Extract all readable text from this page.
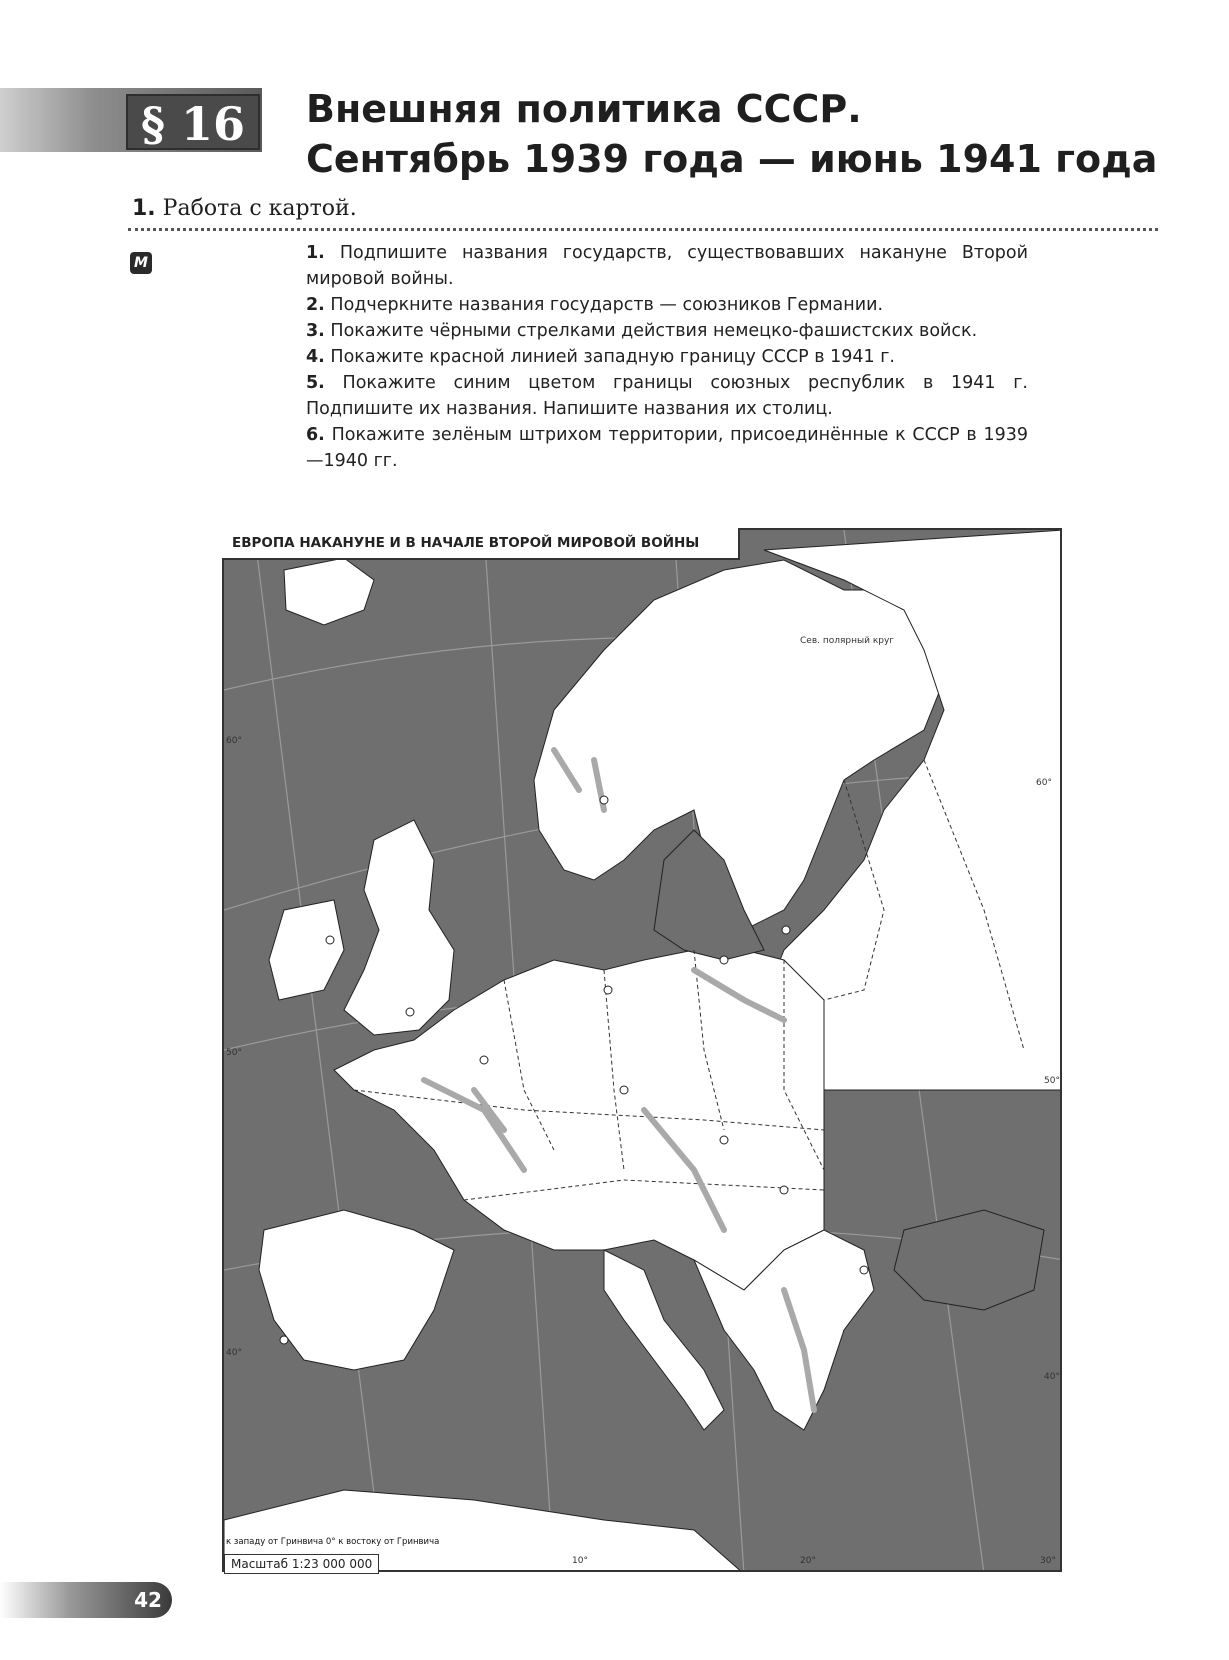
§ 16	Внешняя политика СССР.
Сентябрь 1939 года — июнь 1941 года
1. Работа с картой.
М	1. Подпишите названия государств, существовавших накануне Второй мировой войны.

2. Подчеркните названия государств — союзников Германии.

3. Покажите чёрными стрелками действия немецко-фашистских войск.

4. Покажите красной линией западную границу СССР в 1941 г.

5. Покажите синим цветом границы союзных республик в 1941 г. Подпишите их названия. Напишите названия их столиц.

6. Покажите зелёным штрихом территории, присоединённые к СССР в 1939—1940 гг.

ЕВРОПА НАКАНУНЕ И В НАЧАЛЕ ВТОРОЙ МИРОВОЙ ВОЙНЫ
Сев. полярный круг
60°
60°
50°
50°
40°
40°
10°	20°	30°
к западу от Гринвича 0° к востоку от Гринвича
Масштаб 1:23 000 000
42
